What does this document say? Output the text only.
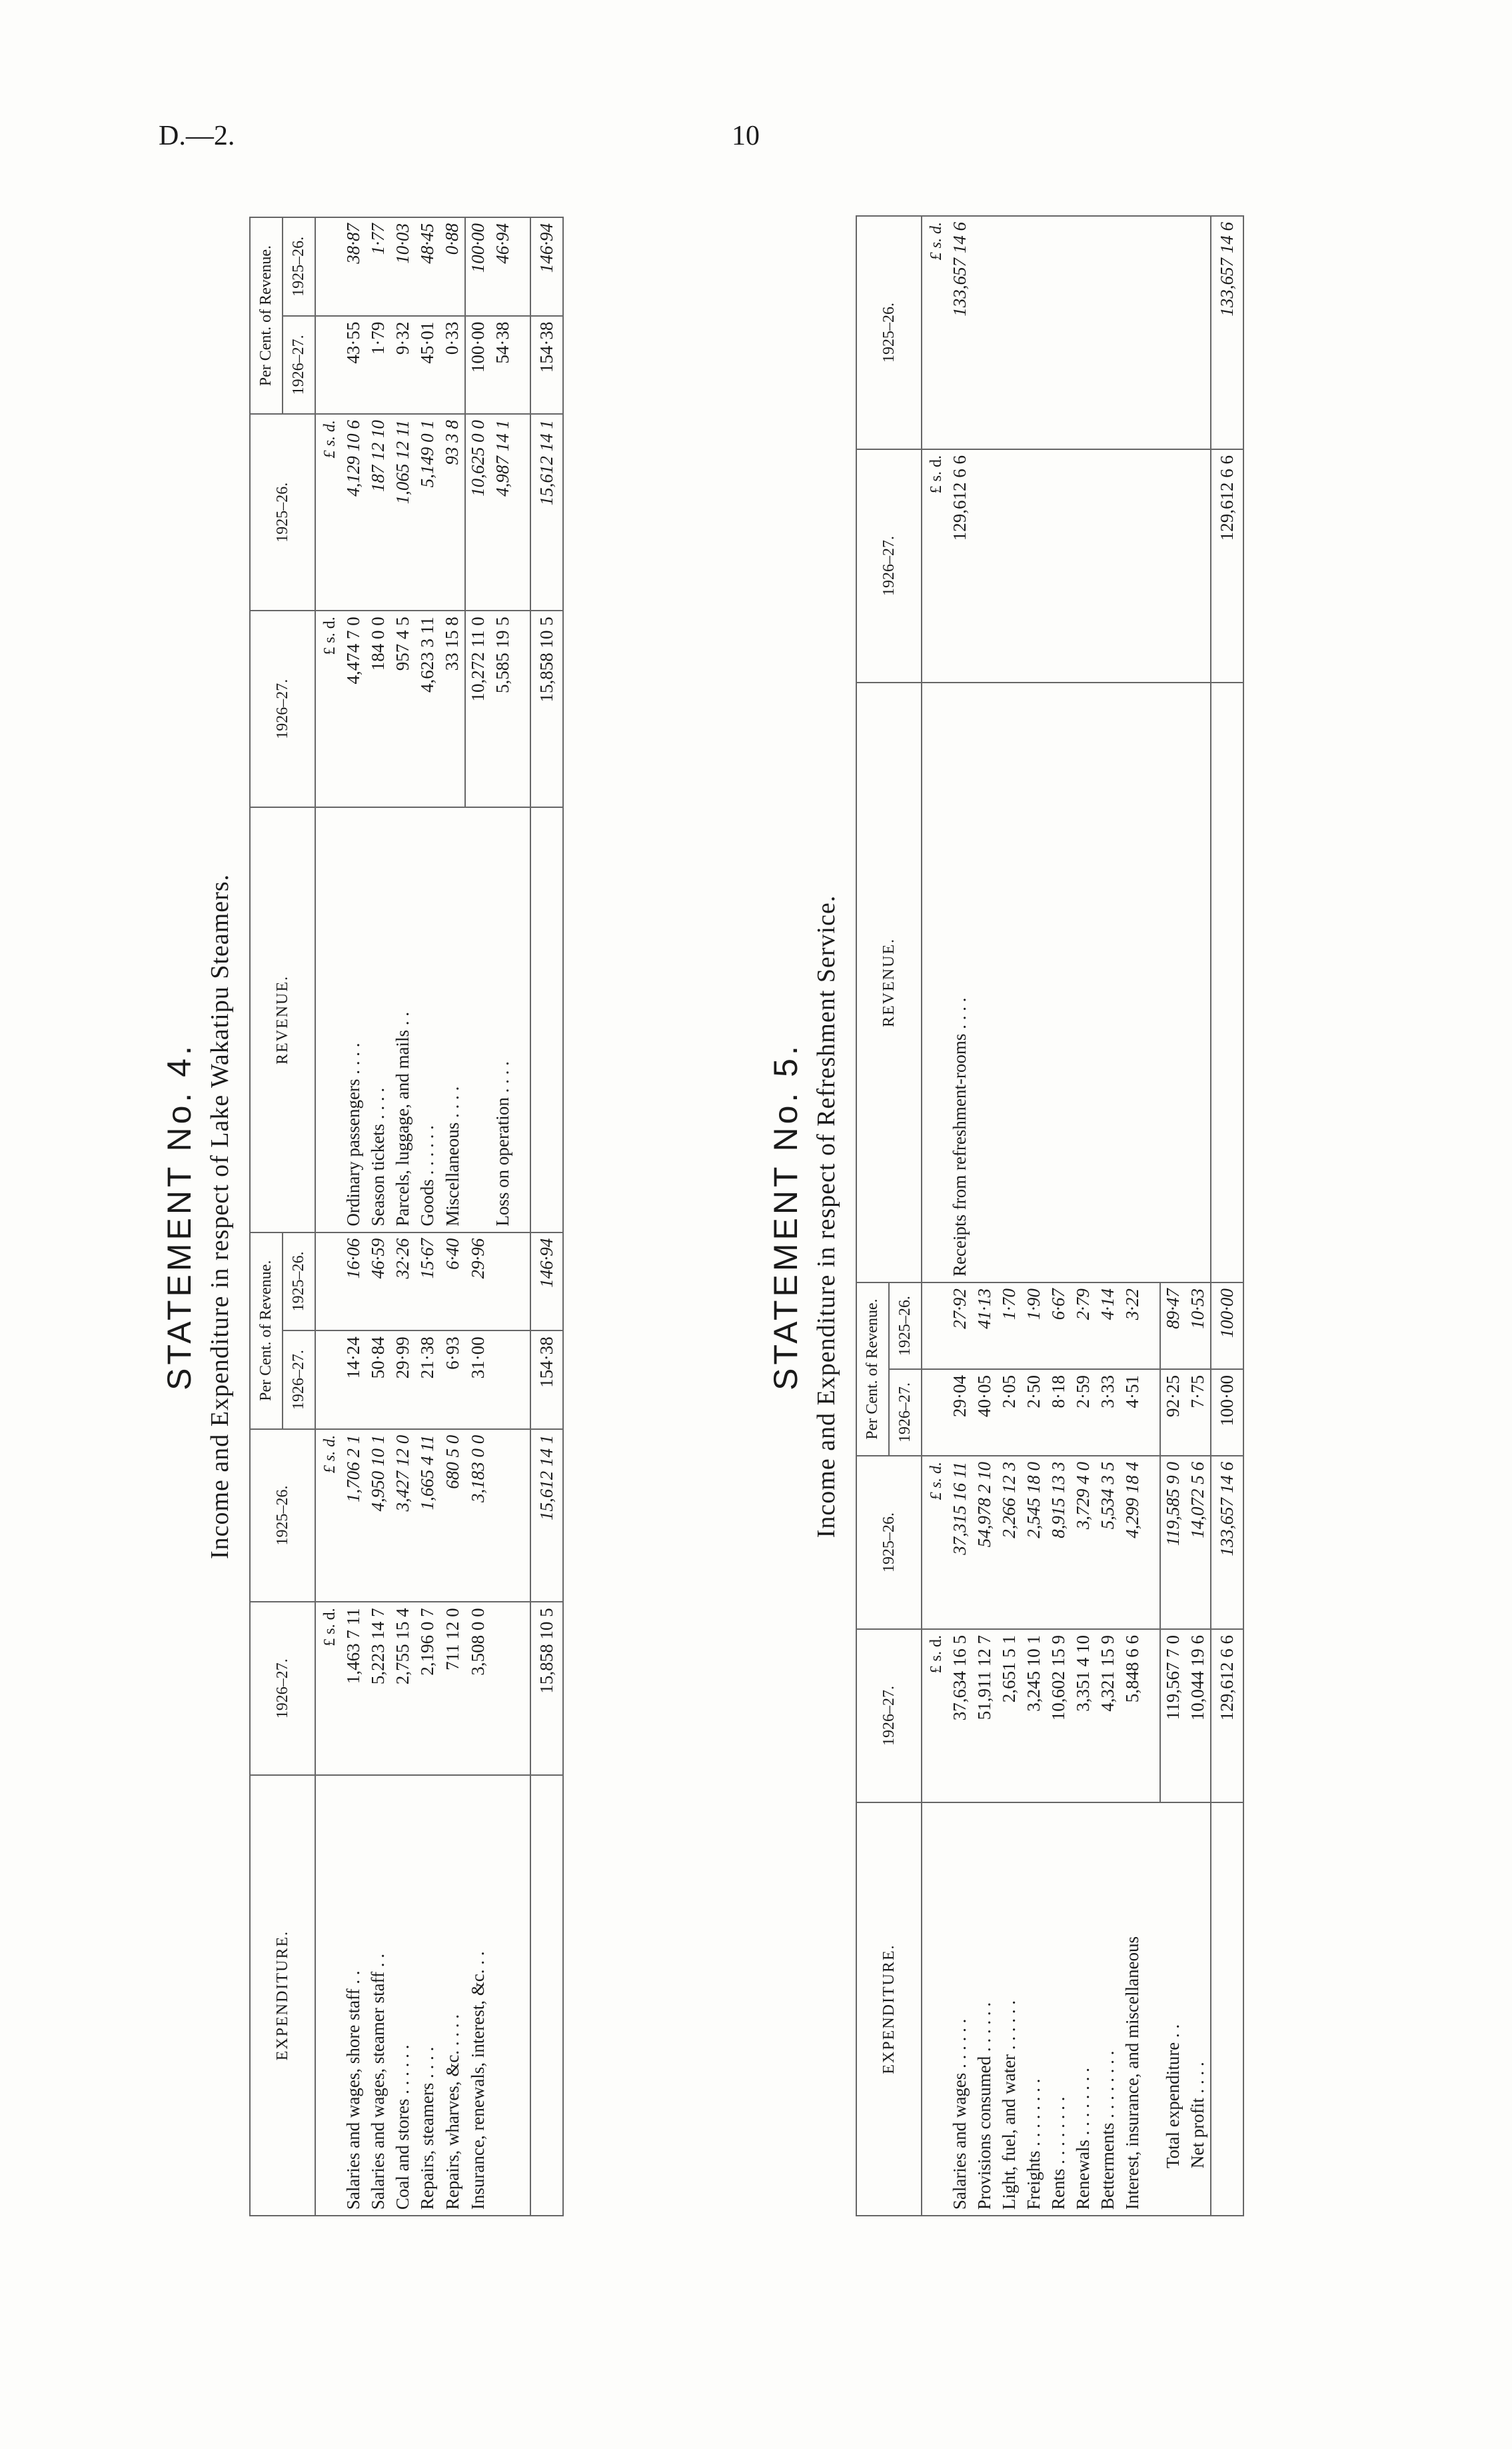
D.—2.	10
STATEMENT No. 4. Income and Expenditure in respect of Lake Wakatipu Steamers.
EXPENDITURE.	1926–27.	1925–26.	Per Cent. of Revenue.		REVENUE.	1926–27.	1925–26.	Per Cent. of Revenue.	
			1926–27.	1925–26.				1926–27.	1925–26.
	£ s. d.	£ s. d.				£ s. d.	£ s. d.		
Salaries and wages, shore staff . .	1,463 7 11	1,706 2 1	14·24	16·06	Ordinary passengers . . . .	4,474 7 0	4,129 10 6	43·55	38·87
Salaries and wages, steamer staff . .	5,223 14 7	4,950 10 1	50·84	46·59	Season tickets . . . .	184 0 0	187 12 10	1·79	1·77
Coal and stores . . . . . .	2,755 15 4	3,427 12 0	29·99	32·26	Parcels, luggage, and mails . .	957 4 5	1,065 12 11	9·32	10·03
Repairs, steamers . . . .	2,196 0 7	1,665 4 11	21·38	15·67	Goods . . . . . .	4,623 3 11	5,149 0 1	45·01	48·45
Repairs, wharves, &c. . . . .	711 12 0	680 5 0	6·93	6·40	Miscellaneous . . . .	33 15 8	93 3 8	0·33	0·88
Insurance, renewals, interest, &c. . .	3,508 0 0	3,183 0 0	31·00	29·96		10,272 11 0	10,625 0 0	100·00	100·00
					Loss on operation . . . .	5,585 19 5	4,987 14 1	54·38	46·94

	15,858 10 5	15,612 14 1	154·38	146·94		15,858 10 5	15,612 14 1	154·38	146·94
STATEMENT No. 5. Income and Expenditure in respect of Refreshment Service.
EXPENDITURE.	1926–27.	1925–26.	Per Cent. of Revenue.		REVENUE.	1926–27.	1925–26.
			1926–27.	1925–26.			
	£ s. d.	£ s. d.				£ s. d.	£ s. d.
Salaries and wages . . . . . .	37,634 16 5	37,315 16 11	29·04	27·92	Receipts from refreshment-rooms . . . .	129,612 6 6	133,657 14 6
Provisions consumed . . . . . .	51,911 12 7	54,978 2 10	40·05	41·13			
Light, fuel, and water . . . . . .	2,651 5 1	2,266 12 3	2·05	1·70			
Freights . . . . . . . .	3,245 10 1	2,545 18 0	2·50	1·90			
Rents . . . . . . . .	10,602 15 9	8,915 13 3	8·18	6·67			
Renewals . . . . . . . .	3,351 4 10	3,729 4 0	2·59	2·79			
Betterments . . . . . . . .	4,321 15 9	5,534 3 5	3·33	4·14			
Interest, insurance, and miscellaneous	5,848 6 6	4,299 18 4	4·51	3·22			

Total expenditure . .	119,567 7 0	119,585 9 0	92·25	89·47			
Net profit . . . .	10,044 19 6	14,072 5 6	7·75	10·53			
	129,612 6 6	133,657 14 6	100·00	100·00		129,612 6 6	133,657 14 6
